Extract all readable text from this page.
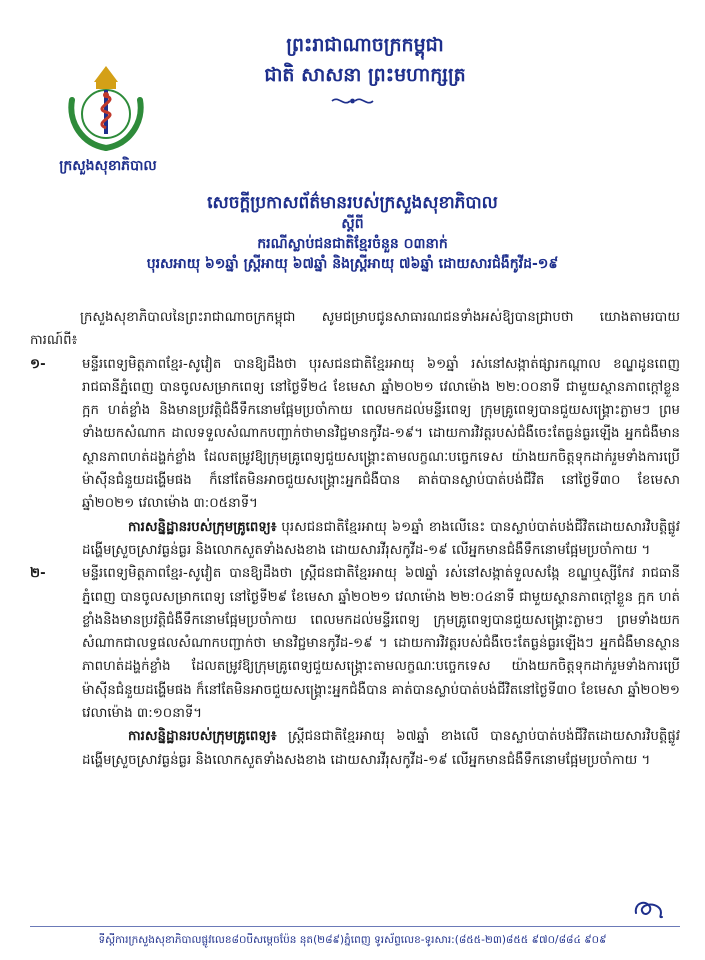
ព្រះរាជាណាចក្រកម្ពុជា
ជាតិ សាសនា ព្រះមហាក្សត្រ
ក្រសួងសុខាភិបាល
សេចក្ដីប្រកាសព័ត៌មានរបស់ក្រសួងសុខាភិបាល
ស្ដីពី
ករណីស្លាប់ជនជាតិខ្មែរចំនួន ០៣នាក់
បុរសអាយុ ៦១ឆ្នាំ ស្ត្រីអាយុ ៦៧ឆ្នាំ និងស្ត្រីអាយុ ៧៦ឆ្នាំ ដោយសារជំងឺកូវីដ-១៩

ក្រសួងសុខាភិបាលនៃព្រះរាជាណាចក្រកម្ពុជា សូមជម្រាបជូនសាធារណជនទាំងអស់ឱ្យបានជ្រាបថា យោងតាមរបាយការណ៍ពី៖

១-	មន្ទីរពេទ្យមិត្តភាពខ្មែរ-សូវៀត បានឱ្យដឹងថា បុរសជនជាតិខ្មែរអាយុ ៦១ឆ្នាំ រស់នៅសង្កាត់ផ្សារកណ្ដាល ខណ្ឌដូនពេញ រាជធានីភ្នំពេញ បានចូលសម្រាកពេទ្យ នៅថ្ងៃទី២៤ ខែមេសា ឆ្នាំ២០២១ វេលាម៉ោង ២២:០០នាទី ជាមួយស្ថានភាពក្ដៅខ្លួន ក្អក ហត់ខ្លាំង និងមានប្រវត្តិជំងឺទឹកនោមផ្អែមប្រចាំកាយ ពេលមកដល់មន្ទីរពេទ្យ ក្រុមគ្រូពេទ្យបានជួយសង្គ្រោះភ្លាមៗ ព្រមទាំងយកសំណាក ដាលទទួលសំណាកបញ្ជាក់ថាមានវិជ្ជមានកូវីដ-១៩។ ដោយការវិវត្តរបស់ជំងឺចេះតែធ្ងន់ធ្ងរឡើង អ្នកជំងឺមានស្ថានភាពហត់ដង្ហក់ខ្លាំង ដែលតម្រូវឱ្យក្រុមគ្រូពេទ្យជួយសង្គ្រោះតាមលក្ខណៈបច្ចេកទេស យ៉ាងយកចិត្តទុកដាក់រួមទាំងការប្រើម៉ាស៊ីនជំនួយដង្ហើមផង ក៏នៅតែមិនអាចជួយសង្គ្រោះអ្នកជំងឺបាន គាត់បានស្លាប់បាត់បង់ជីវិត នៅថ្ងៃទី៣០ ខែមេសា ឆ្នាំ២០២១ វេលាម៉ោង ៣:០៥នាទី។

ការសន្និដ្ឋានរបស់ក្រុមគ្រូពេទ្យ៖ បុរសជនជាតិខ្មែរអាយុ ៦១ឆ្នាំ ខាងលើនេះ បានស្លាប់បាត់បង់ជីវិតដោយសារវិបត្តិផ្លូវដង្ហើមស្រួចស្រាវធ្ងន់ធ្ងរ និងលោកសួតទាំងសងខាង ដោយសារវីរុសកូវីដ-១៩ លើអ្នកមានជំងឺទឹកនោមផ្អែមប្រចាំកាយ ។

២-	មន្ទីរពេទ្យមិត្តភាពខ្មែរ-សូវៀត បានឱ្យដឹងថា ស្ត្រីជនជាតិខ្មែរអាយុ ៦៧ឆ្នាំ រស់នៅសង្កាត់ទួលសង្កែ ខណ្ឌឬស្សីកែវ រាជធានីភ្នំពេញ បានចូលសម្រាកពេទ្យ នៅថ្ងៃទី២៩ ខែមេសា ឆ្នាំ២០២១ វេលាម៉ោង ២២:០៤នាទី ជាមួយស្ថានភាពក្ដៅខ្លួន ក្អក ហត់ខ្លាំងនិងមានប្រវត្តិជំងឺទឹកនោមផ្អែមប្រចាំកាយ ពេលមកដល់មន្ទីរពេទ្យ ក្រុមគ្រូពេទ្យបានជួយសង្គ្រោះភ្លាមៗ ព្រមទាំងយកសំណាកជាលទ្ធផលសំណាកបញ្ជាក់ថា មានវិជ្ជមានកូវីដ-១៩ ។ ដោយការវិវត្តរបស់ជំងឺចេះតែធ្ងន់ធ្ងរឡើងៗ អ្នកជំងឺមានស្ថានភាពហត់ដង្ហក់ខ្លាំង ដែលតម្រូវឱ្យក្រុមគ្រូពេទ្យជួយសង្គ្រោះតាមលក្ខណៈបច្ចេកទេស យ៉ាងយកចិត្តទុកដាក់រួមទាំងការប្រើម៉ាស៊ីនជំនួយដង្ហើមផង ក៏នៅតែមិនអាចជួយសង្គ្រោះអ្នកជំងឺបាន គាត់បានស្លាប់បាត់បង់ជីវិតនៅថ្ងៃទី៣០ ខែមេសា ឆ្នាំ២០២១ វេលាម៉ោង ៣:១០នាទី។

ការសន្និដ្ឋានរបស់ក្រុមគ្រូពេទ្យ៖ ស្ត្រីជនជាតិខ្មែរអាយុ ៦៧ឆ្នាំ ខាងលើ បានស្លាប់បាត់បង់ជីវិតដោយសារវិបត្តិផ្លូវដង្ហើមស្រួចស្រាវធ្ងន់ធ្ងរ និងលោកសួតទាំងសងខាង ដោយសារវីរុសកូវីដ-១៩ លើអ្នកមានជំងឺទឹកនោមផ្អែមប្រចាំកាយ ។

ទីស្ដីការក្រសួងសុខាភិបាលផ្លូវលេខ៨០បីសម្ដេចប៉ែន នុត(២៨៩)ភ្នំពេញ ទូរស័ព្ទលេខ-ទូរសារ:(៨៥៥-២៣)៨៥៥ ៩៧០/៨៨៤ ៩០៩
